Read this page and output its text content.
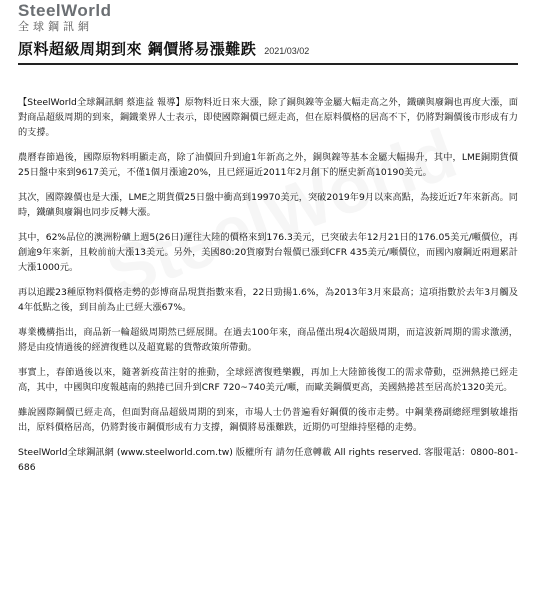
SteelWorld
全球鋼訊網
原料超級周期到來 鋼價將易漲難跌 2021/03/02

【SteelWorld全球鋼訊網 蔡進益 報導】原物料近日來大漲，除了銅與鎳等金屬大幅走高之外，鐵礦與廢鋼也再度大漲，面對商品超級周期的到來，鋼鐵業界人士表示，即使國際鋼價已經走高，但在原料價格的居高不下，仍將對鋼價後市形成有力的支撐。

農曆春節過後，國際原物料明顯走高，除了油價回升到逾1年新高之外，銅與鎳等基本金屬大幅揚升，其中，LME銅期貨價25日盤中來到9617美元，不僅1個月漲逾20%，且已經逼近2011年2月創下的歷史新高10190美元。

其次，國際鎳價也是大漲，LME之期貨價25日盤中衝高到19970美元，突破2019年9月以來高點，為接近近7年來新高。同時，鐵礦與廢鋼也同步反轉大漲。

其中，62%品位的澳洲粉礦上週5(26日)運往大陸的價格來到176.3美元，已突破去年12月21日的176.05美元/噸價位，再創逾9年來新，且較前前大漲13美元。另外，美國80:20貨廢對台報價已漲到CFR 435美元/噸價位，而國內廢鋼近兩週累計大漲1000元。

再以追蹤23種原物料價格走勢的彭博商品現貨指數來看，22日勁揚1.6%，為2013年3月來最高；這項指數於去年3月觸及4年低點之後，到目前為止已經大漲67%。

專業機構指出，商品新一輪超級周期然已經展開。在過去100年來，商品僅出現4次超級周期，而這波新周期的需求激湧，將是由疫情過後的經濟復甦以及超寬鬆的貨幣政策所帶動。

事實上，春節過後以來，隨著新疫苗注射的推動，全球經濟復甦樂觀，再加上大陸節後復工的需求帶動，亞洲熱捲已經走高，其中，中國與印度報越南的熱捲已回升到CRF 720~740美元/噸，而歐美鋼價更高，美國熱捲甚至居高於1320美元。

雖說國際鋼價已經走高，但面對商品超級周期的到來，市場人士仍普遍看好鋼價的後市走勢。中鋼業務副總經理劉敏雄指出，原料價格居高，仍將對後市鋼價形成有力支撐，鋼價將易漲難跌，近期仍可望維持堅穩的走勢。

SteelWorld全球鋼訊網 (www.steelworld.com.tw) 版權所有 請勿任意轉載 All rights reserved. 客服電話：0800-801-686
